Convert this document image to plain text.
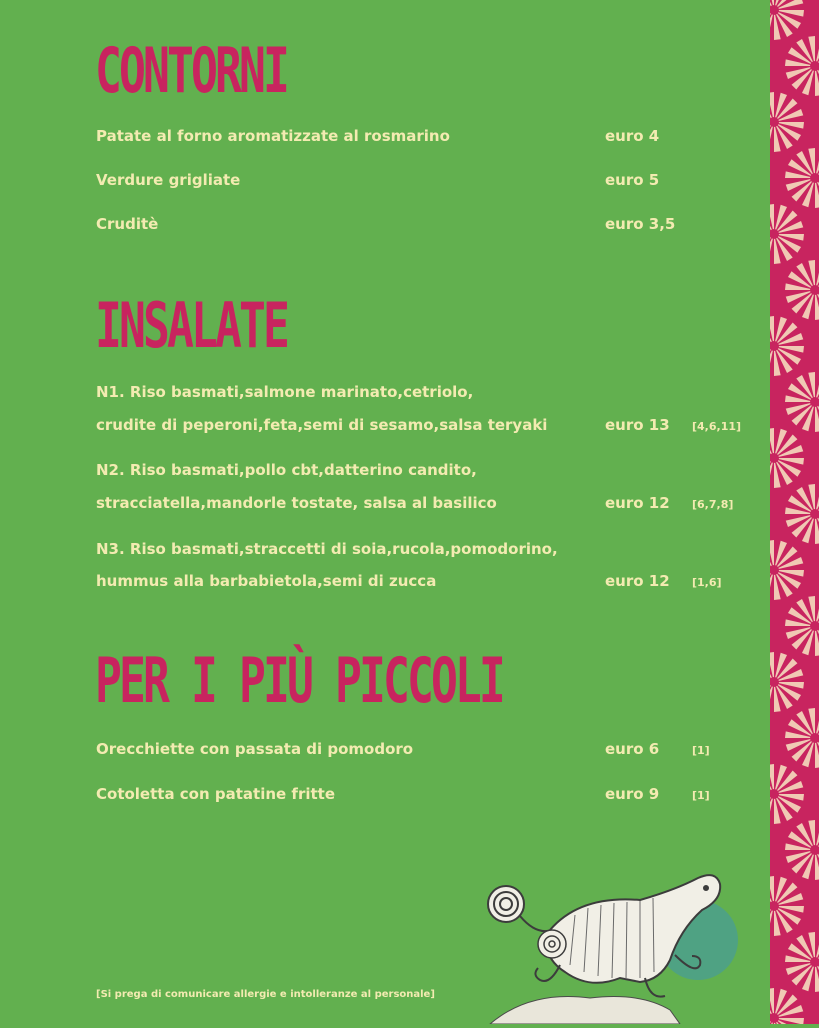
CONTORNI
Patate al forno aromatizzate al rosmarino	euro 4
Verdure grigliate	euro 5
Cruditè	euro 3,5
INSALATE
N1. Riso basmati,salmone marinato,cetriolo,
crudite di peperoni,feta,semi di sesamo,salsa teryaki	euro 13 [4,6,11]
N2. Riso basmati,pollo cbt,datterino candito,
stracciatella,mandorle tostate, salsa al basilico	euro 12 [6,7,8]
N3. Riso basmati,straccetti di soia,rucola,pomodorino,
hummus alla barbabietola,semi di zucca	euro 12 [1,6]
PER I PIÙ PICCOLI
Orecchiette con passata di pomodoro	euro 6	[1]
Cotoletta con patatine fritte	euro 9	[1]
[Si prega di comunicare allergie e intolleranze al personale]
